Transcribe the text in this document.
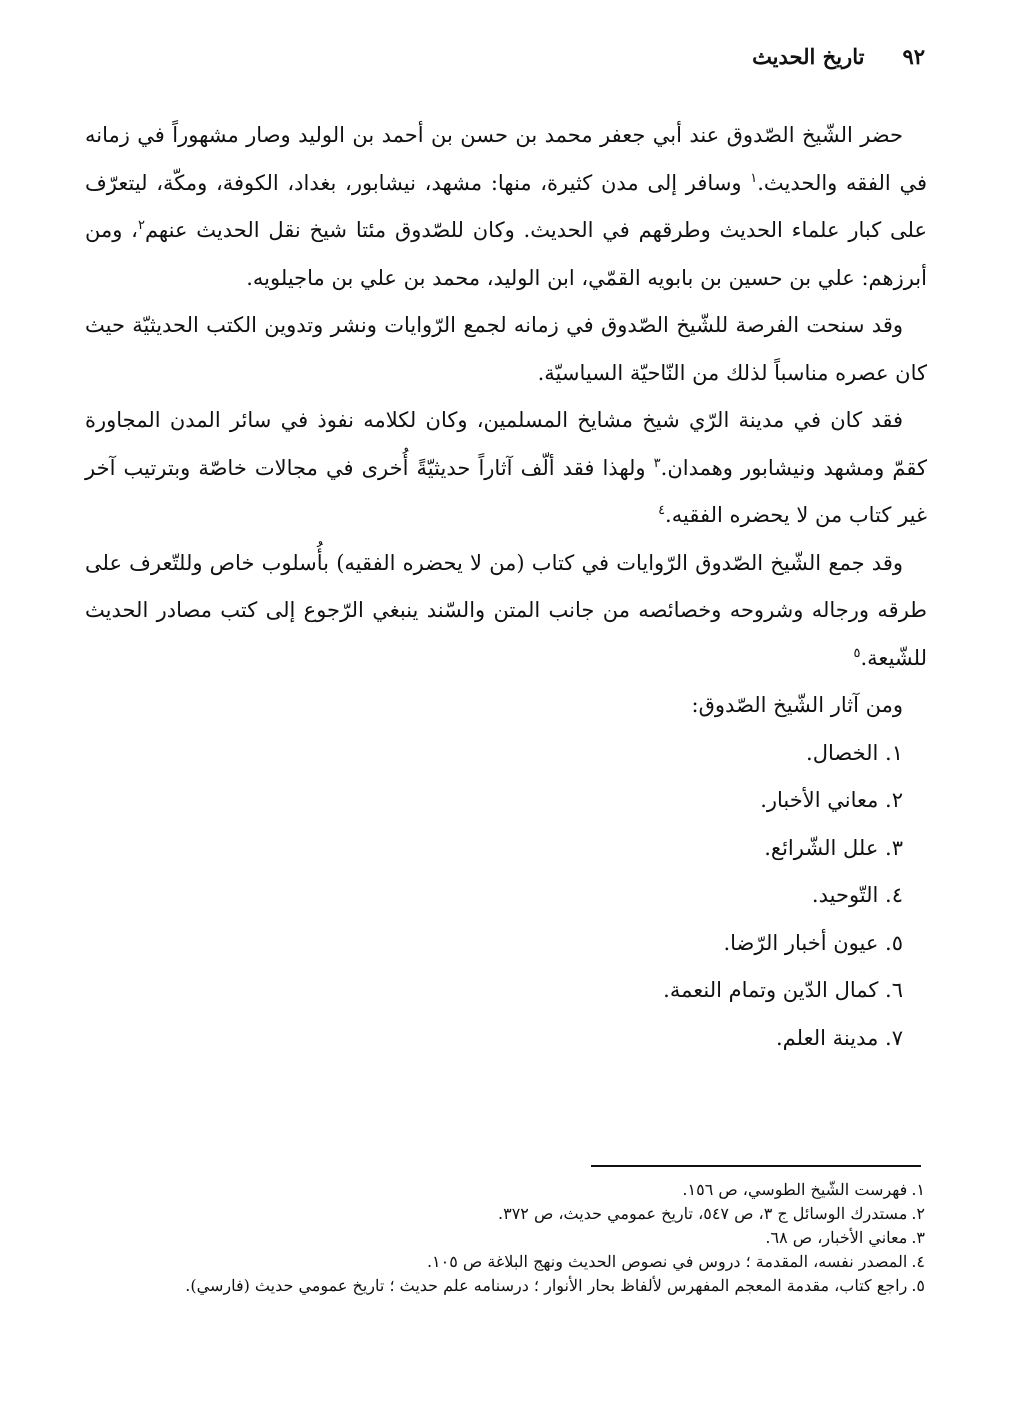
٩٢
تاريخ الحديث

حضر الشّيخ الصّدوق عند أبي جعفر محمد بن حسن بن أحمد بن الوليد وصار مشهوراً في زمانه في الفقه والحديث.$^١$ وسافر إلى مدن كثيرة، منها: مشهد، نيشابور، بغداد، الكوفة، ومكّة، ليتعرّف على كبار علماء الحديث وطرقهم في الحديث. وكان للصّدوق مئتا شيخ نقل الحديث عنهم$^٢$، ومن أبرزهم: علي بن حسين بن بابويه القمّي، ابن الوليد، محمد بن علي بن ماجيلويه.

وقد سنحت الفرصة للشّيخ الصّدوق في زمانه لجمع الرّوايات ونشر وتدوين الكتب الحديثيّة حيث كان عصره مناسباً لذلك من النّاحيّة السياسيّة.

فقد كان في مدينة الرّي شيخ مشايخ المسلمين، وكان لكلامه نفوذ في سائر المدن المجاورة كقمّ ومشهد ونيشابور وهمدان.$^٣$ ولهذا فقد ألّف آثاراً حديثيّةً أُخرى في مجالات خاصّة وبترتيب آخر غير كتاب من لا يحضره الفقيه.$^٤$

وقد جمع الشّيخ الصّدوق الرّوايات في كتاب (من لا يحضره الفقيه) بأُسلوب خاص وللتّعرف على طرقه ورجاله وشروحه وخصائصه من جانب المتن والسّند ينبغي الرّجوع إلى كتب مصادر الحديث للشّيعة.$^٥$

ومن آثار الشّيخ الصّدوق:

١. الخصال.
٢. معاني الأخبار.
٣. علل الشّرائع.
٤. التّوحيد.
٥. عيون أخبار الرّضا.
٦. كمال الدّين وتمام النعمة.
٧. مدينة العلم.

١.فهرست الشّيخ الطوسي، ص ١٥٦.

٢.مستدرك الوسائل ج ٣، ص ٥٤٧، تاريخ عمومي حديث، ص ٣٧٢.

٣.معاني الأخبار، ص ٦٨.

٤.المصدر نفسه، المقدمة ؛ دروس في نصوص الحديث ونهج البلاغة ص ١٠٥.

٥.راجع كتاب، مقدمة المعجم المفهرس لألفاظ بحار الأنوار ؛ درسنامه علم حديث ؛ تاريخ عمومي حديث (فارسي).
